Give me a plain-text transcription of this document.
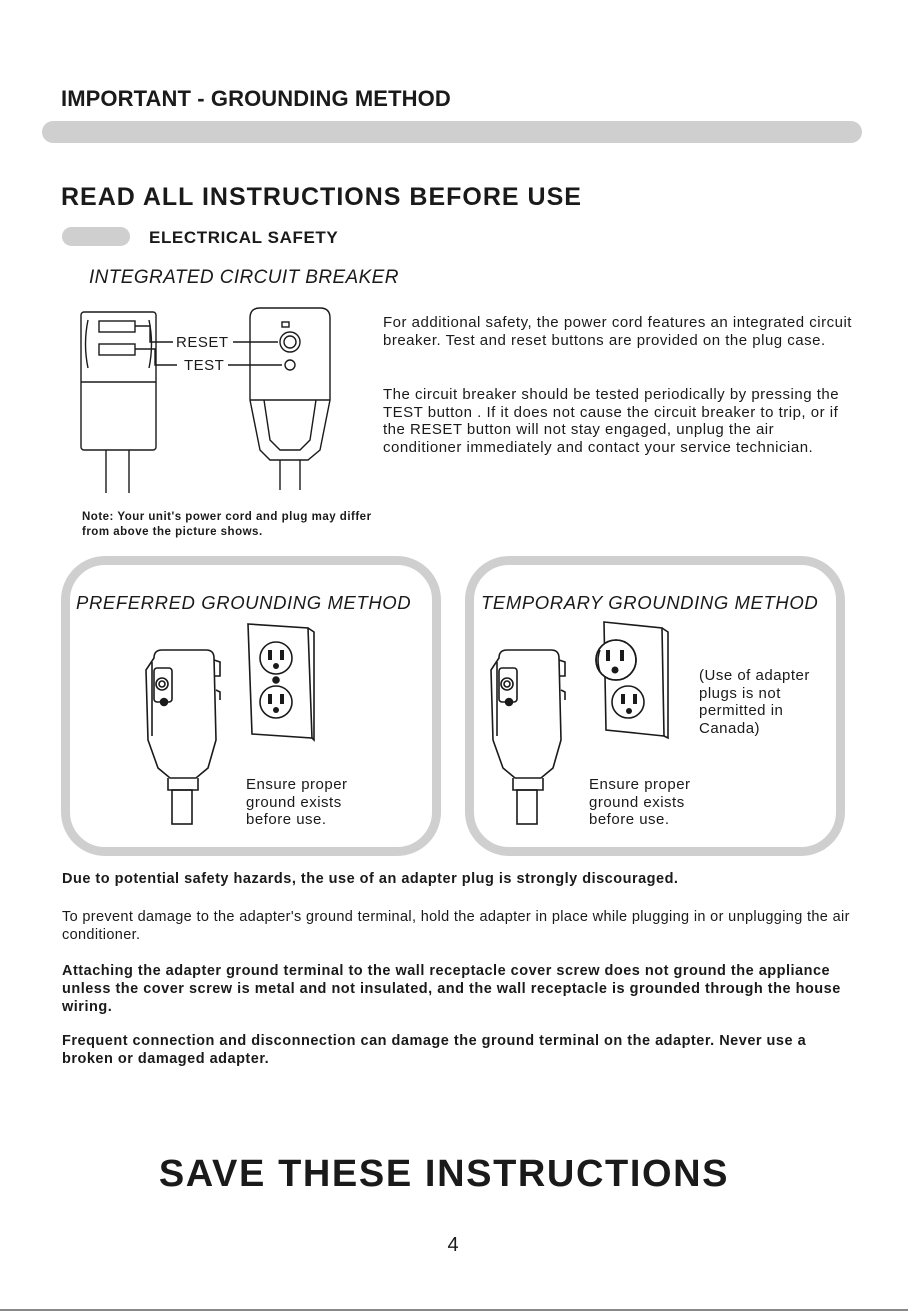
IMPORTANT - GROUNDING METHOD
READ ALL INSTRUCTIONS BEFORE USE
ELECTRICAL SAFETY
INTEGRATED CIRCUIT BREAKER
RESET
TEST
For additional safety, the power cord features an integrated circuit breaker. Test and reset buttons are provided on the plug case.
The circuit breaker should be tested periodically by pressing the TEST button . If it does not cause the circuit breaker to trip, or if the RESET button will not stay engaged, unplug the air conditioner immediately and contact your service technician.
Note: Your unit's power cord and plug may differ from above the picture shows.
PREFERRED GROUNDING METHOD	TEMPORARY GROUNDING METHOD
Ensure proper ground exists before use.
(Use of adapter plugs is not permitted in Canada)
Ensure proper ground exists before use.
Due to potential safety hazards, the use of an adapter plug is strongly discouraged.
To prevent damage to the adapter's ground terminal, hold the adapter in place while plugging in or unplugging the air conditioner.
Attaching the adapter ground terminal to the wall receptacle cover screw does not ground the appliance unless the cover screw is metal and not insulated, and the wall receptacle is grounded through the house wiring.
Frequent connection and disconnection can damage the ground terminal on the adapter. Never use a broken or damaged adapter.
SAVE THESE INSTRUCTIONS
4
